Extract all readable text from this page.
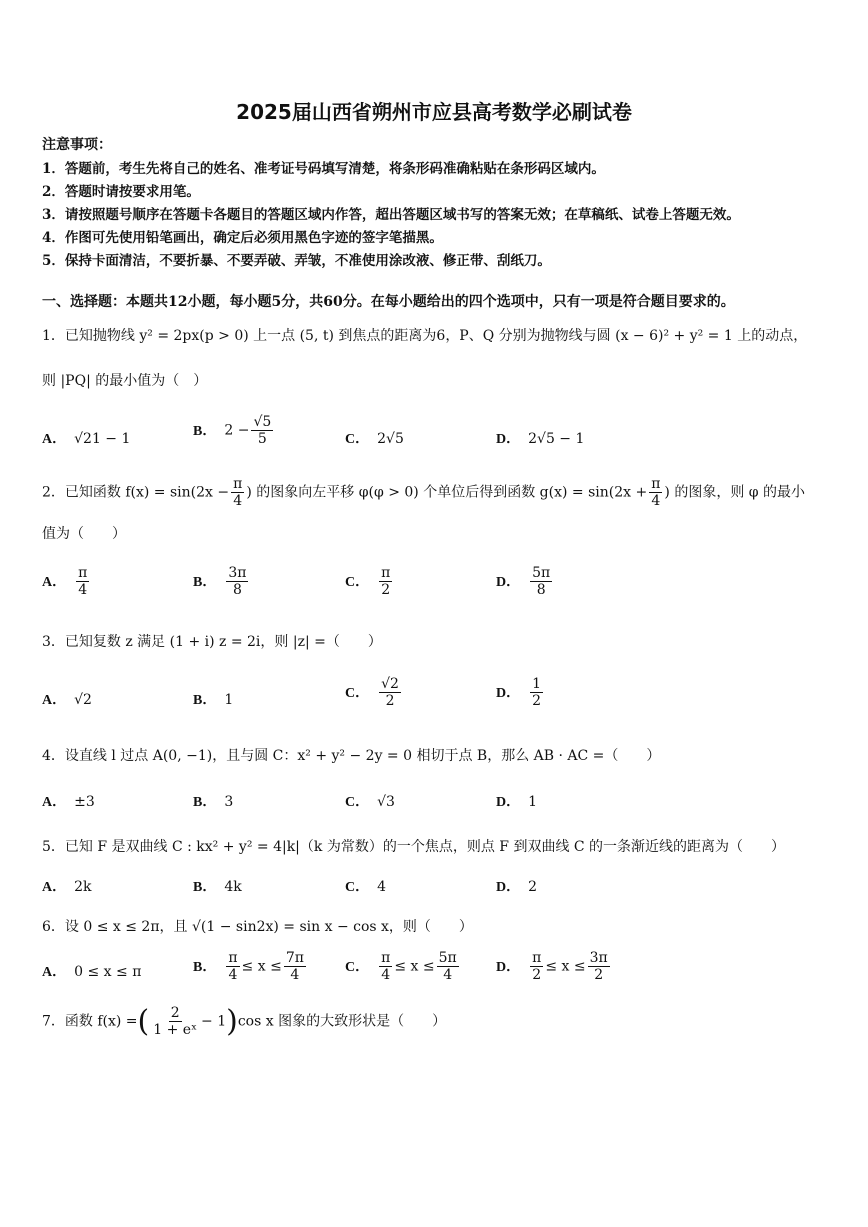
2025届山西省朔州市应县高考数学必刷试卷
注意事项：
1．答题前，考生先将自己的姓名、准考证号码填写清楚，将条形码准确粘贴在条形码区域内。
2．答题时请按要求用笔。
3．请按照题号顺序在答题卡各题目的答题区域内作答，超出答题区域书写的答案无效；在草稿纸、试卷上答题无效。
4．作图可先使用铅笔画出，确定后必须用黑色字迹的签字笔描黑。
5．保持卡面清洁，不要折暴、不要弄破、弄皱，不准使用涂改液、修正带、刮纸刀。
一、选择题：本题共12小题，每小题5分，共60分。在每小题给出的四个选项中，只有一项是符合题目要求的。
1．已知抛物线 y² = 2px(p > 0) 上一点 (5, t) 到焦点的距离为6，P、Q 分别为抛物线与圆 (x − 6)² + y² = 1 上的动点，
则 |PQ| 的最小值为（　）
A． √21 − 1	B． $2 - \frac{√5}{5}$	C． 2√5	D． 2√5 − 1
2．已知函数 $f(x) = \sin(2x - \frac{\pi}{4}$ ) 的图象向左平移 φ(φ > 0) 个单位后得到函数 $g(x) = \sin(2x + \frac{\pi}{4}$ ) 的图象，则 φ 的最小
值为（　　）
A． $\frac{\pi}{4}$	B． $\frac{3\pi}{8}$	C． $\frac{\pi}{2}$	D． $\frac{5\pi}{8}$
3．已知复数 z 满足 (1 + i) z = 2i，则 |z| =（　　）
A． √2	B． 1	C． $\frac{√2}{2}$	D． $\frac{1}{2}$
4．设直线 l 过点 A(0, −1)，且与圆 C：x² + y² − 2y = 0 相切于点 B，那么 AB · AC =（　　）
A． ±3	B． 3	C． √3	D． 1
5．已知 F 是双曲线 C : kx² + y² = 4|k|（k 为常数）的一个焦点，则点 F 到双曲线 C 的一条渐近线的距离为（　　）
A． 2k	B． 4k	C． 4	D． 2
6．设 0 ≤ x ≤ 2π，且 √(1 − sin2x) = sin x − cos x，则（　　）
A． 0 ≤ x ≤ π	B． $\frac{\pi}{4} \le x \le \frac{7\pi}{4}$	C． $\frac{\pi}{4} \le x \le \frac{5\pi}{4}$	D． $\frac{\pi}{2} \le x \le \frac{3\pi}{2}$
7．函数 f(x) =( $\frac{2}{\text{1 + eˣ}} - 1)\cos$ x 图象的大致形状是（　　）
